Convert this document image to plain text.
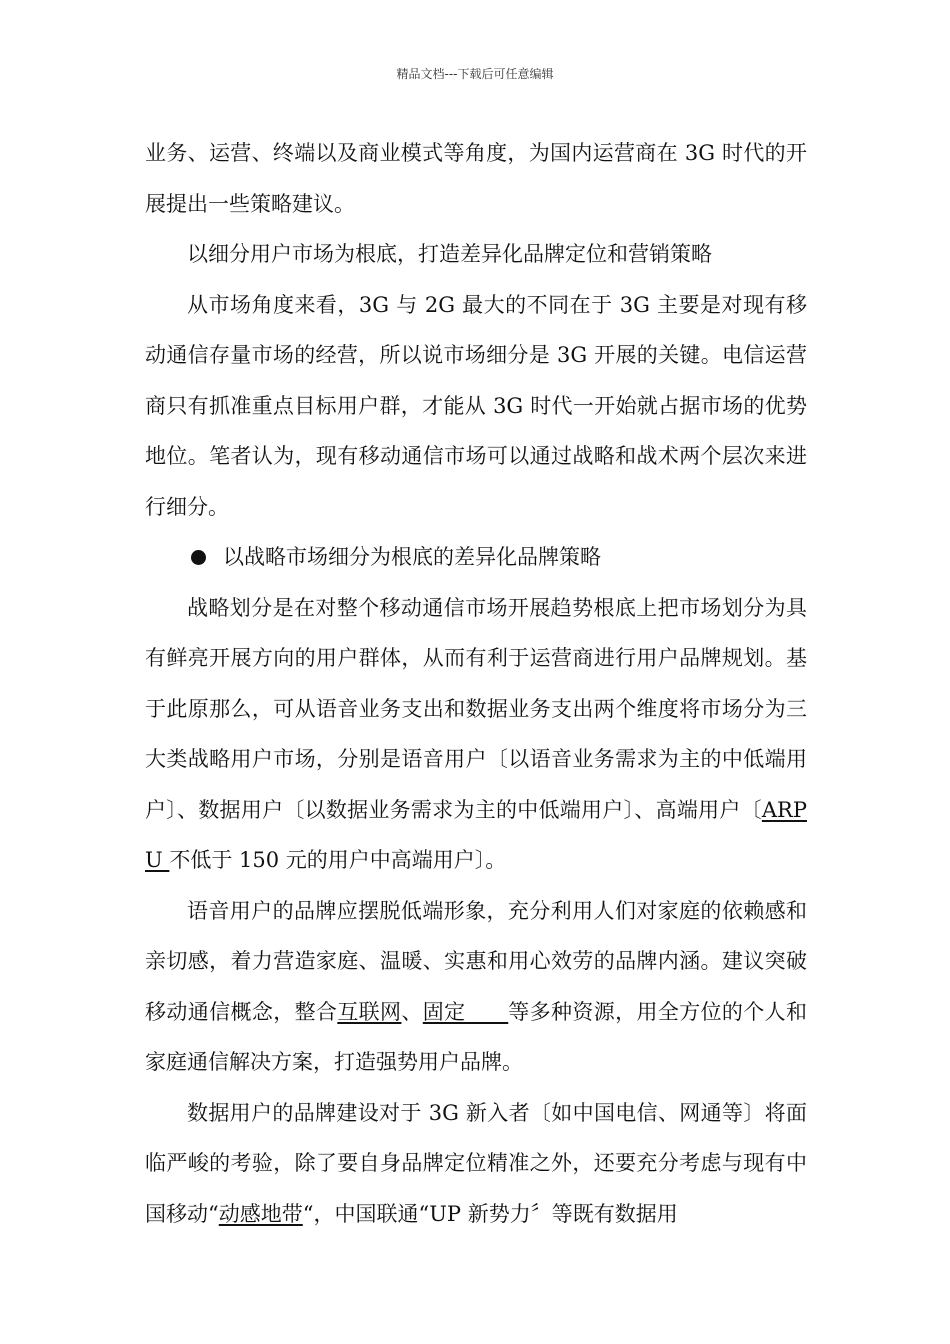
精品文档---下载后可任意编辑

业务、运营、终端以及商业模式等角度，为国内运营商在 3G 时代的开展提出一些策略建议。

以细分用户市场为根底，打造差异化品牌定位和营销策略

从市场角度来看，3G 与 2G 最大的不同在于 3G 主要是对现有移动通信存量市场的经营，所以说市场细分是 3G 开展的关键。电信运营商只有抓准重点目标用户群，才能从 3G 时代一开始就占据市场的优势地位。笔者认为，现有移动通信市场可以通过战略和战术两个层次来进行细分。

以战略市场细分为根底的差异化品牌策略

战略划分是在对整个移动通信市场开展趋势根底上把市场划分为具有鲜亮开展方向的用户群体，从而有利于运营商进行用户品牌规划。基于此原那么，可从语音业务支出和数据业务支出两个维度将市场分为三大类战略用户市场，分别是语音用户〔以语音业务需求为主的中低端用户〕、数据用户〔以数据业务需求为主的中低端用户〕、高端用户〔ARPU 不低于 150 元的用户中高端用户〕。

语音用户的品牌应摆脱低端形象，充分利用人们对家庭的依赖感和亲切感，着力营造家庭、温暖、实惠和用心效劳的品牌内涵。建议突破移动通信概念，整合互联网、固定　　等多种资源，用全方位的个人和家庭通信解决方案，打造强势用户品牌。

数据用户的品牌建设对于 3G 新入者〔如中国电信、网通等〕将面临严峻的考验，除了要自身品牌定位精准之外，还要充分考虑与现有中国移动“动感地带“，中国联通“UP 新势力〞等既有数据用
